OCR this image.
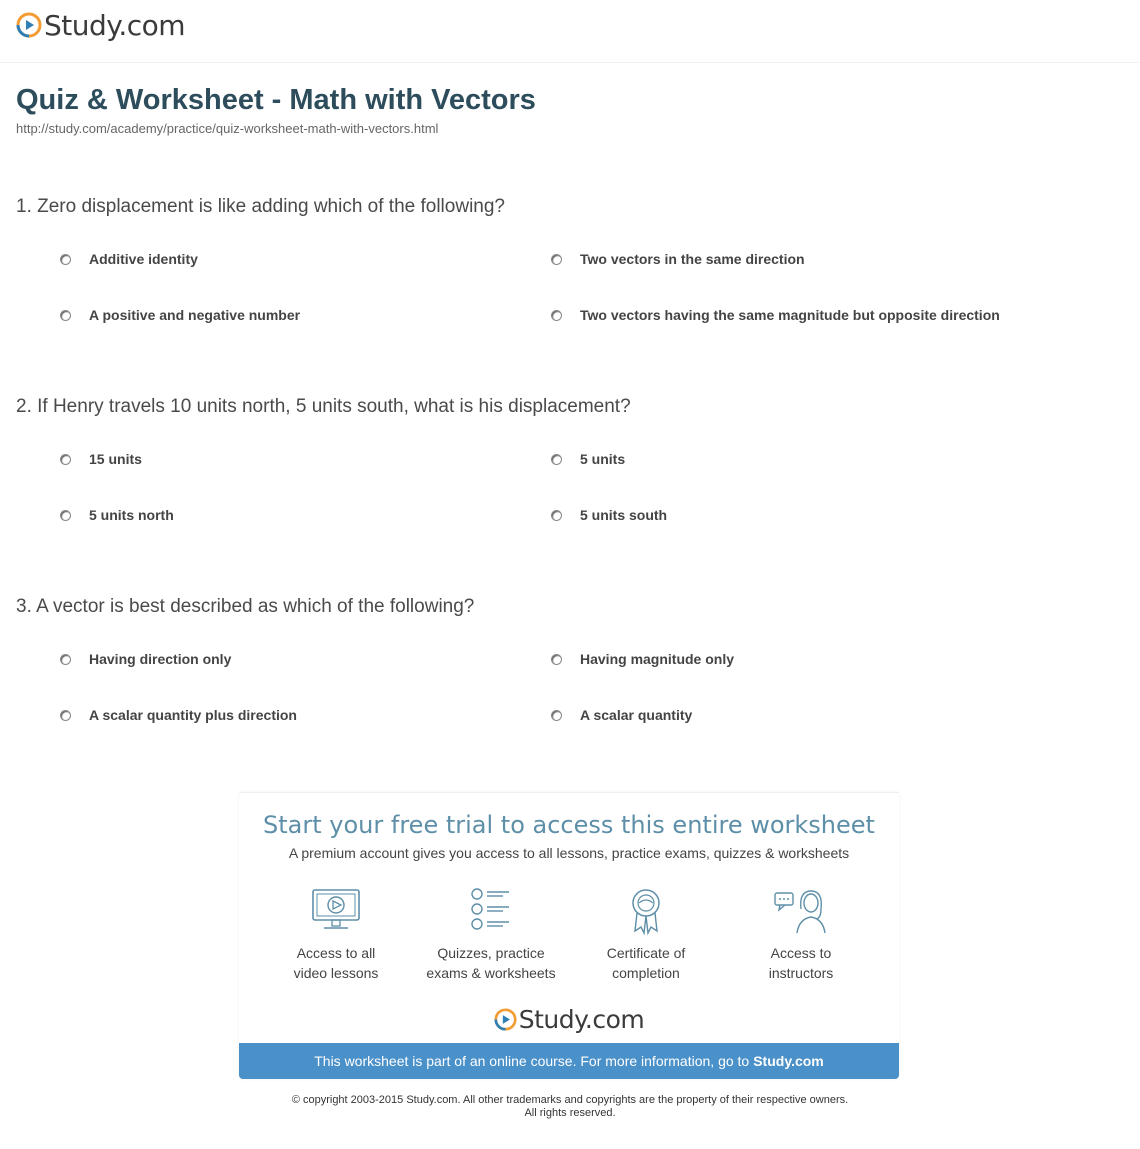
Study.com
Quiz & Worksheet - Math with Vectors
http://study.com/academy/practice/quiz-worksheet-math-with-vectors.html
1. Zero displacement is like adding which of the following?
Additive identity	Two vectors in the same direction
A positive and negative number	Two vectors having the same magnitude but opposite direction
2. If Henry travels 10 units north, 5 units south, what is his displacement?
15 units	5 units
5 units north	5 units south
3. A vector is best described as which of the following?
Having direction only	Having magnitude only
A scalar quantity plus direction	A scalar quantity
Start your free trial to access this entire worksheet
A premium account gives you access to all lessons, practice exams, quizzes & worksheets
Access to all
video lessons
Quizzes, practice
exams & worksheets
Certificate of
completion
Access to
instructors
Study.com
This worksheet is part of an online course. For more information, go to Study.com
© copyright 2003-2015 Study.com. All other trademarks and copyrights are the property of their respective owners.
All rights reserved.
